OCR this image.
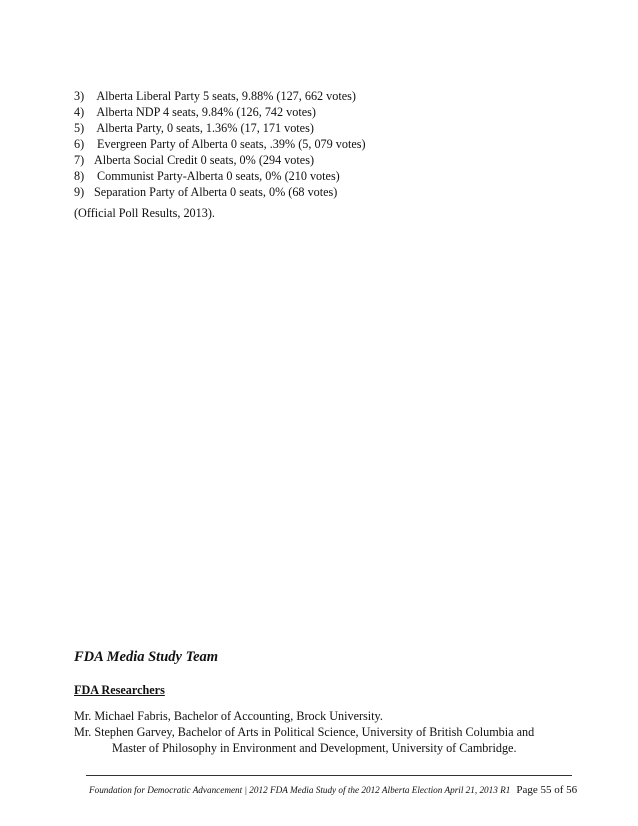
3) Alberta Liberal Party 5 seats, 9.88% (127, 662 votes)
4) Alberta NDP 4 seats, 9.84% (126, 742 votes)
5) Alberta Party, 0 seats, 1.36% (17, 171 votes)
6) Evergreen Party of Alberta 0 seats, .39% (5, 079 votes)
7) Alberta Social Credit 0 seats, 0% (294 votes)
8) Communist Party-Alberta 0 seats, 0% (210 votes)
9) Separation Party of Alberta 0 seats, 0% (68 votes)
(Official Poll Results, 2013).
FDA Media Study Team
FDA Researchers
Mr. Michael Fabris, Bachelor of Accounting, Brock University.
Mr. Stephen Garvey, Bachelor of Arts in Political Science, University of British Columbia and
Master of Philosophy in Environment and Development, University of Cambridge.
Foundation for Democratic Advancement | 2012 FDA Media Study of the 2012 Alberta Election April 21, 2013 R1 Page 55 of 56
